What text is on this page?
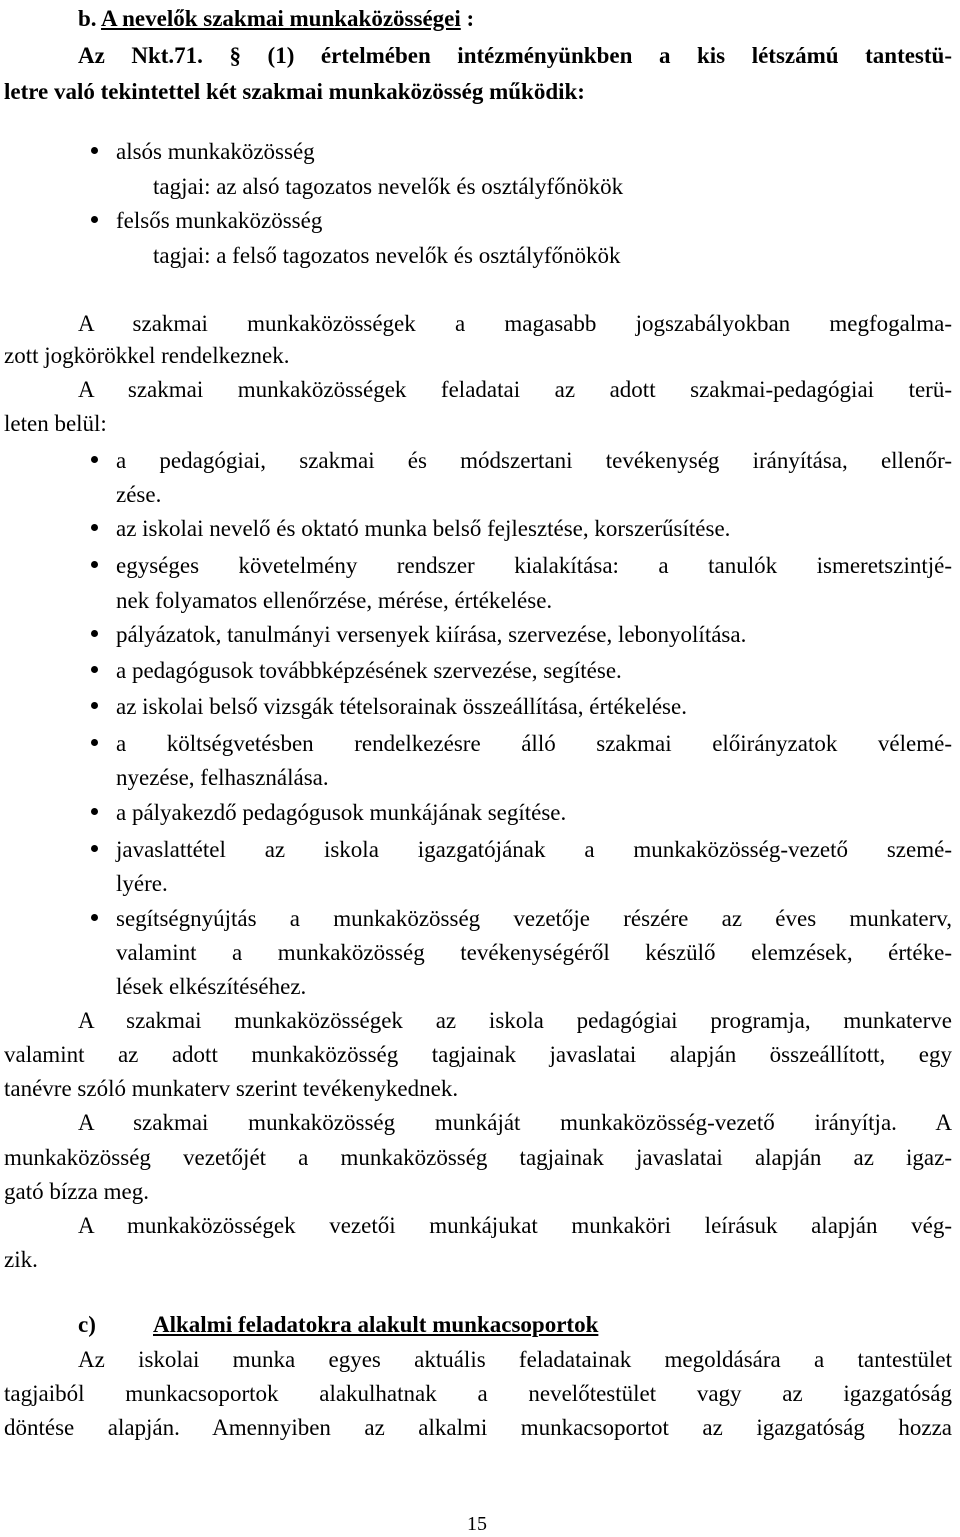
b. A nevelők szakmai munkaközösségei :
Az Nkt.71. § (1) értelmében intézményünkben a kis létszámú tantestü-
letre való tekintettel két szakmai munkaközösség működik:
alsós munkaközösség
tagjai: az alsó tagozatos nevelők és osztályfőnökök
felsős munkaközösség
tagjai: a felső tagozatos nevelők és osztályfőnökök
A szakmai munkaközösségek a magasabb jogszabályokban megfogalma-
zott jogkörökkel rendelkeznek.
A szakmai munkaközösségek feladatai az adott szakmai-pedagógiai terü-
leten belül:
a pedagógiai, szakmai és módszertani tevékenység irányítása, ellenőr-
zése.
az iskolai nevelő és oktató munka belső fejlesztése, korszerűsítése.
egységes követelmény rendszer kialakítása: a tanulók ismeretszintjé-
nek folyamatos ellenőrzése, mérése, értékelése.
pályázatok, tanulmányi versenyek kiírása, szervezése, lebonyolítása.
a pedagógusok továbbképzésének szervezése, segítése.
az iskolai belső vizsgák tételsorainak összeállítása, értékelése.
a költségvetésben rendelkezésre álló szakmai előirányzatok vélemé-
nyezése, felhasználása.
a pályakezdő pedagógusok munkájának segítése.
javaslattétel az iskola igazgatójának a munkaközösség-vezető szemé-
lyére.
segítségnyújtás a munkaközösség vezetője részére az éves munkaterv,
valamint a munkaközösség tevékenységéről készülő elemzések, értéke-
lések elkészítéséhez.
A szakmai munkaközösségek az iskola pedagógiai programja, munkaterve
valamint az adott munkaközösség tagjainak javaslatai alapján összeállított, egy
tanévre szóló munkaterv szerint tevékenykednek.
A szakmai munkaközösség munkáját munkaközösség-vezető irányítja. A
munkaközösség vezetőjét a munkaközösség tagjainak javaslatai alapján az igaz-
gató bízza meg.
A munkaközösségek vezetői munkájukat munkaköri leírásuk alapján vég-
zik.
c) Alkalmi feladatokra alakult munkacsoportok
Az iskolai munka egyes aktuális feladatainak megoldására a tantestület
tagjaiból munkacsoportok alakulhatnak a nevelőtestület vagy az igazgatóság
döntése alapján. Amennyiben az alkalmi munkacsoportot az igazgatóság hozza
15
